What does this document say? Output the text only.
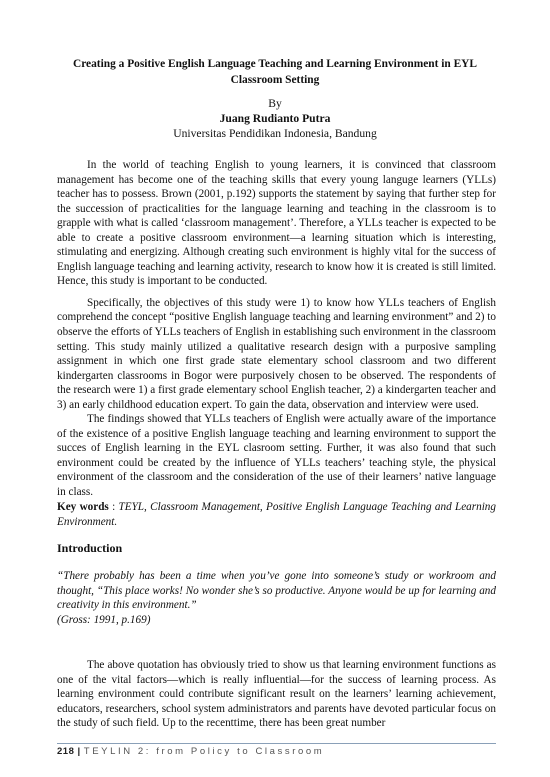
Creating a Positive English Language Teaching and Learning Environment in EYL Classroom Setting
By
Juang Rudianto Putra
Universitas Pendidikan Indonesia, Bandung

In the world of teaching English to young learners, it is convinced that classroom management has become one of the teaching skills that every young languge learners (YLLs) teacher has to possess. Brown (2001, p.192) supports the statement by saying that further step for the succession of practicalities for the language learning and teaching in the classroom is to grapple with what is called ‘classroom management’. Therefore, a YLLs teacher is expected to be able to create a positive classroom environment—a learning situation which is interesting, stimulating and energizing. Although creating such environment is highly vital for the success of English language teaching and learning activity, research to know how it is created is still limited. Hence, this study is important to be conducted.

Specifically, the objectives of this study were 1) to know how YLLs teachers of English comprehend the concept “positive English language teaching and learning environment” and 2) to observe the efforts of YLLs teachers of English in establishing such environment in the classroom setting. This study mainly utilized a qualitative research design with a purposive sampling assignment in which one first grade state elementary school classroom and two different kindergarten classrooms in Bogor were purposively chosen to be observed. The respondents of the research were 1) a first grade elementary school English teacher, 2) a kindergarten teacher and 3) an early childhood education expert. To gain the data, observation and interview were used.

The findings showed that YLLs teachers of English were actually aware of the importance of the existence of a positive English language teaching and learning environment to support the succes of English learning in the EYL clasroom setting. Further, it was also found that such environment could be created by the influence of YLLs teachers’ teaching style, the physical environment of the classroom and the consideration of the use of their learners’ native language in class.

Key words : TEYL, Classroom Management, Positive English Language Teaching and Learning Environment.
Introduction

“There probably has been a time when you’ve gone into someone’s study or workroom and thought, “This place works! No wonder she’s so productive. Anyone would be up for learning and creativity in this environment.”

(Gross: 1991, p.169)

The above quotation has obviously tried to show us that learning environment functions as one of the vital factors—which is really influential—for the success of learning process. As learning environment could contribute significant result on the learners’ learning achievement, educators, researchers, school system administrators and parents have devoted particular focus on the study of such field. Up to the recenttime, there has been great number

218 | TEYLIN 2: from Policy to Classroom
